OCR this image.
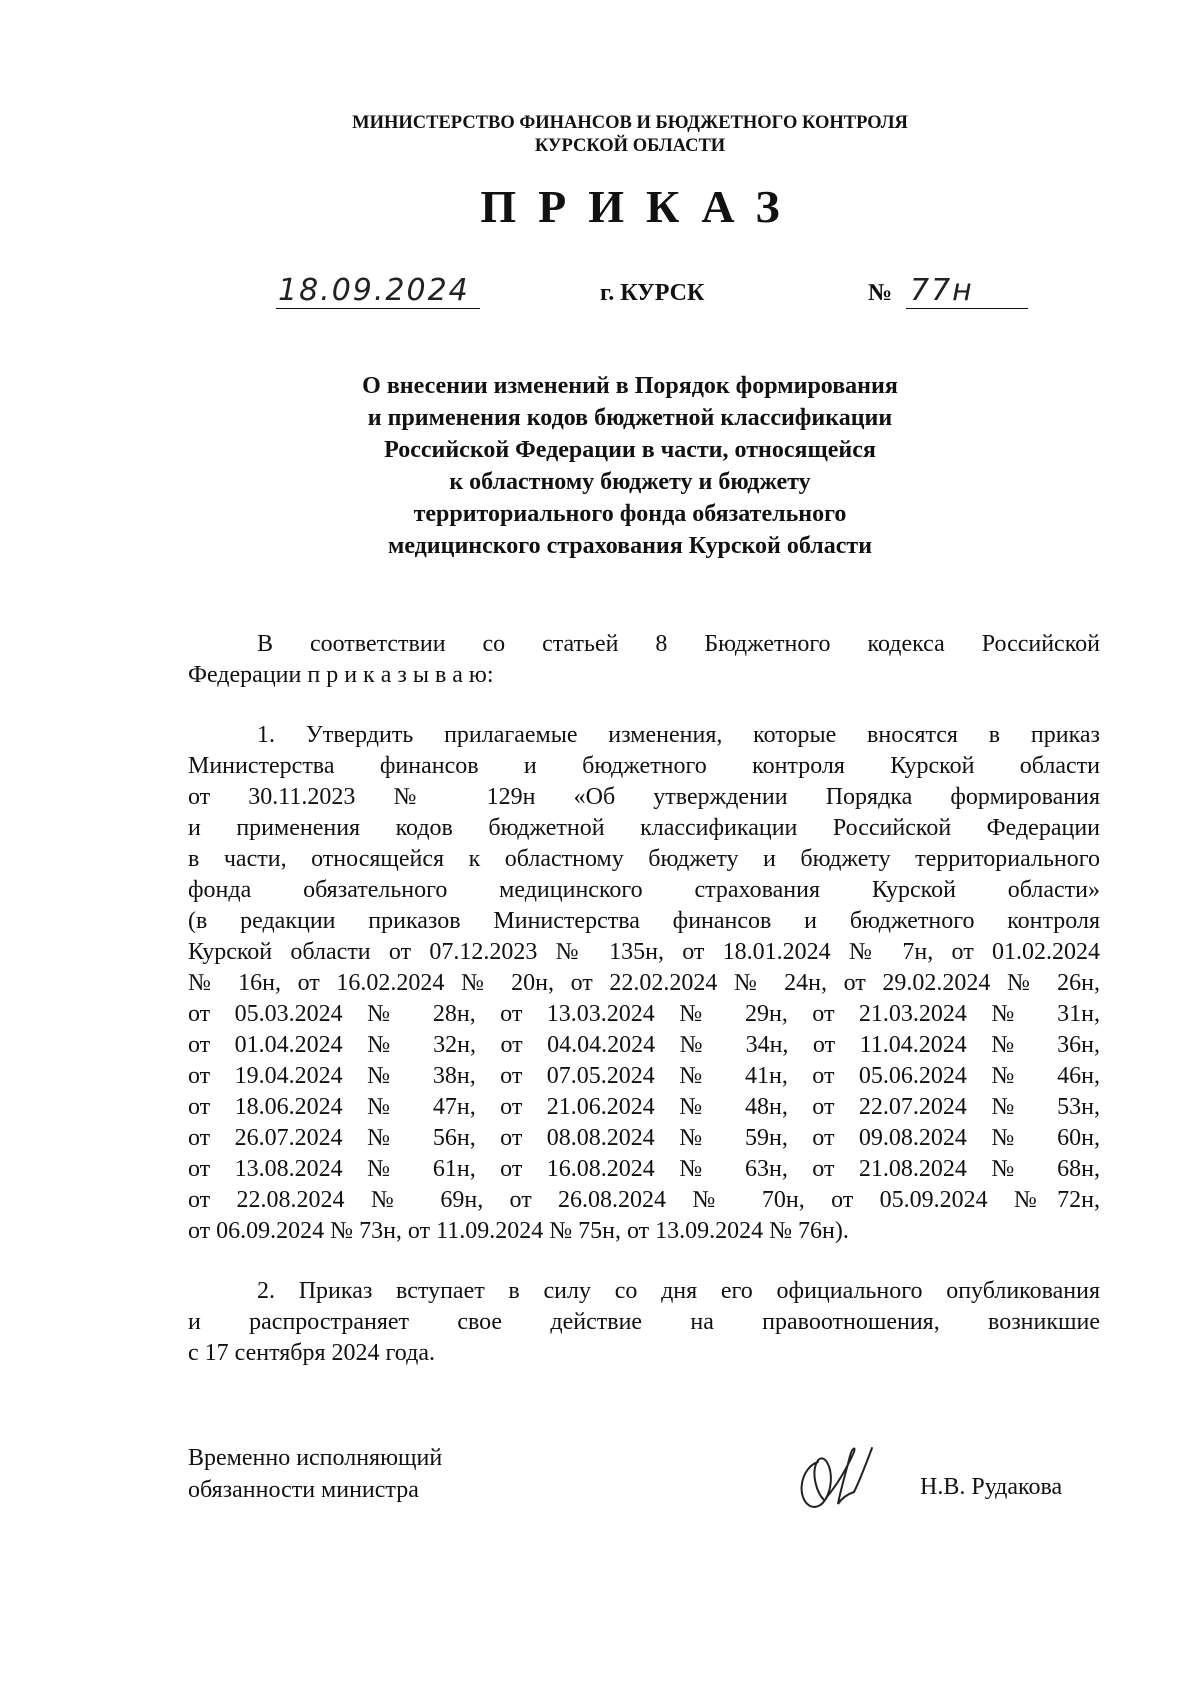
МИНИСТЕРСТВО ФИНАНСОВ И БЮДЖЕТНОГО КОНТРОЛЯ
КУРСКОЙ ОБЛАСТИ
ПРИКАЗ
18.09.2024	г. КУРСК	№ 77н
О внесении изменений в Порядок формирования
и применения кодов бюджетной классификации
Российской Федерации в части, относящейся
к областному бюджету и бюджету
территориального фонда обязательного
медицинского страхования Курской области
В соответствии со статьей 8 Бюджетного кодекса Российской
Федерации п р и к а з ы в а ю:
1. Утвердить прилагаемые изменения, которые вносятся в приказ
Министерства финансов и бюджетного контроля Курской области
от 30.11.2023 № 129н «Об утверждении Порядка формирования
и применения кодов бюджетной классификации Российской Федерации
в части, относящейся к областному бюджету и бюджету территориального
фонда обязательного медицинского страхования Курской области»
(в редакции приказов Министерства финансов и бюджетного контроля
Курской области от 07.12.2023 № 135н, от 18.01.2024 № 7н, от 01.02.2024
№ 16н, от 16.02.2024 № 20н, от 22.02.2024 № 24н, от 29.02.2024 № 26н,
от 05.03.2024 № 28н, от 13.03.2024 № 29н, от 21.03.2024 № 31н,
от 01.04.2024 № 32н, от 04.04.2024 № 34н, от 11.04.2024 № 36н,
от 19.04.2024 № 38н, от 07.05.2024 № 41н, от 05.06.2024 № 46н,
от 18.06.2024 № 47н, от 21.06.2024 № 48н, от 22.07.2024 № 53н,
от 26.07.2024 № 56н, от 08.08.2024 № 59н, от 09.08.2024 № 60н,
от 13.08.2024 № 61н, от 16.08.2024 № 63н, от 21.08.2024 № 68н,
от 22.08.2024 № 69н, от 26.08.2024 № 70н, от 05.09.2024 №72н,
от 06.09.2024 № 73н, от 11.09.2024 № 75н, от 13.09.2024 № 76н).
2. Приказ вступает в силу со дня его официального опубликования
и распространяет свое действие на правоотношения, возникшие
с 17 сентября 2024 года.
Временно исполняющий
обязанности министра	Н.В. Рудакова
